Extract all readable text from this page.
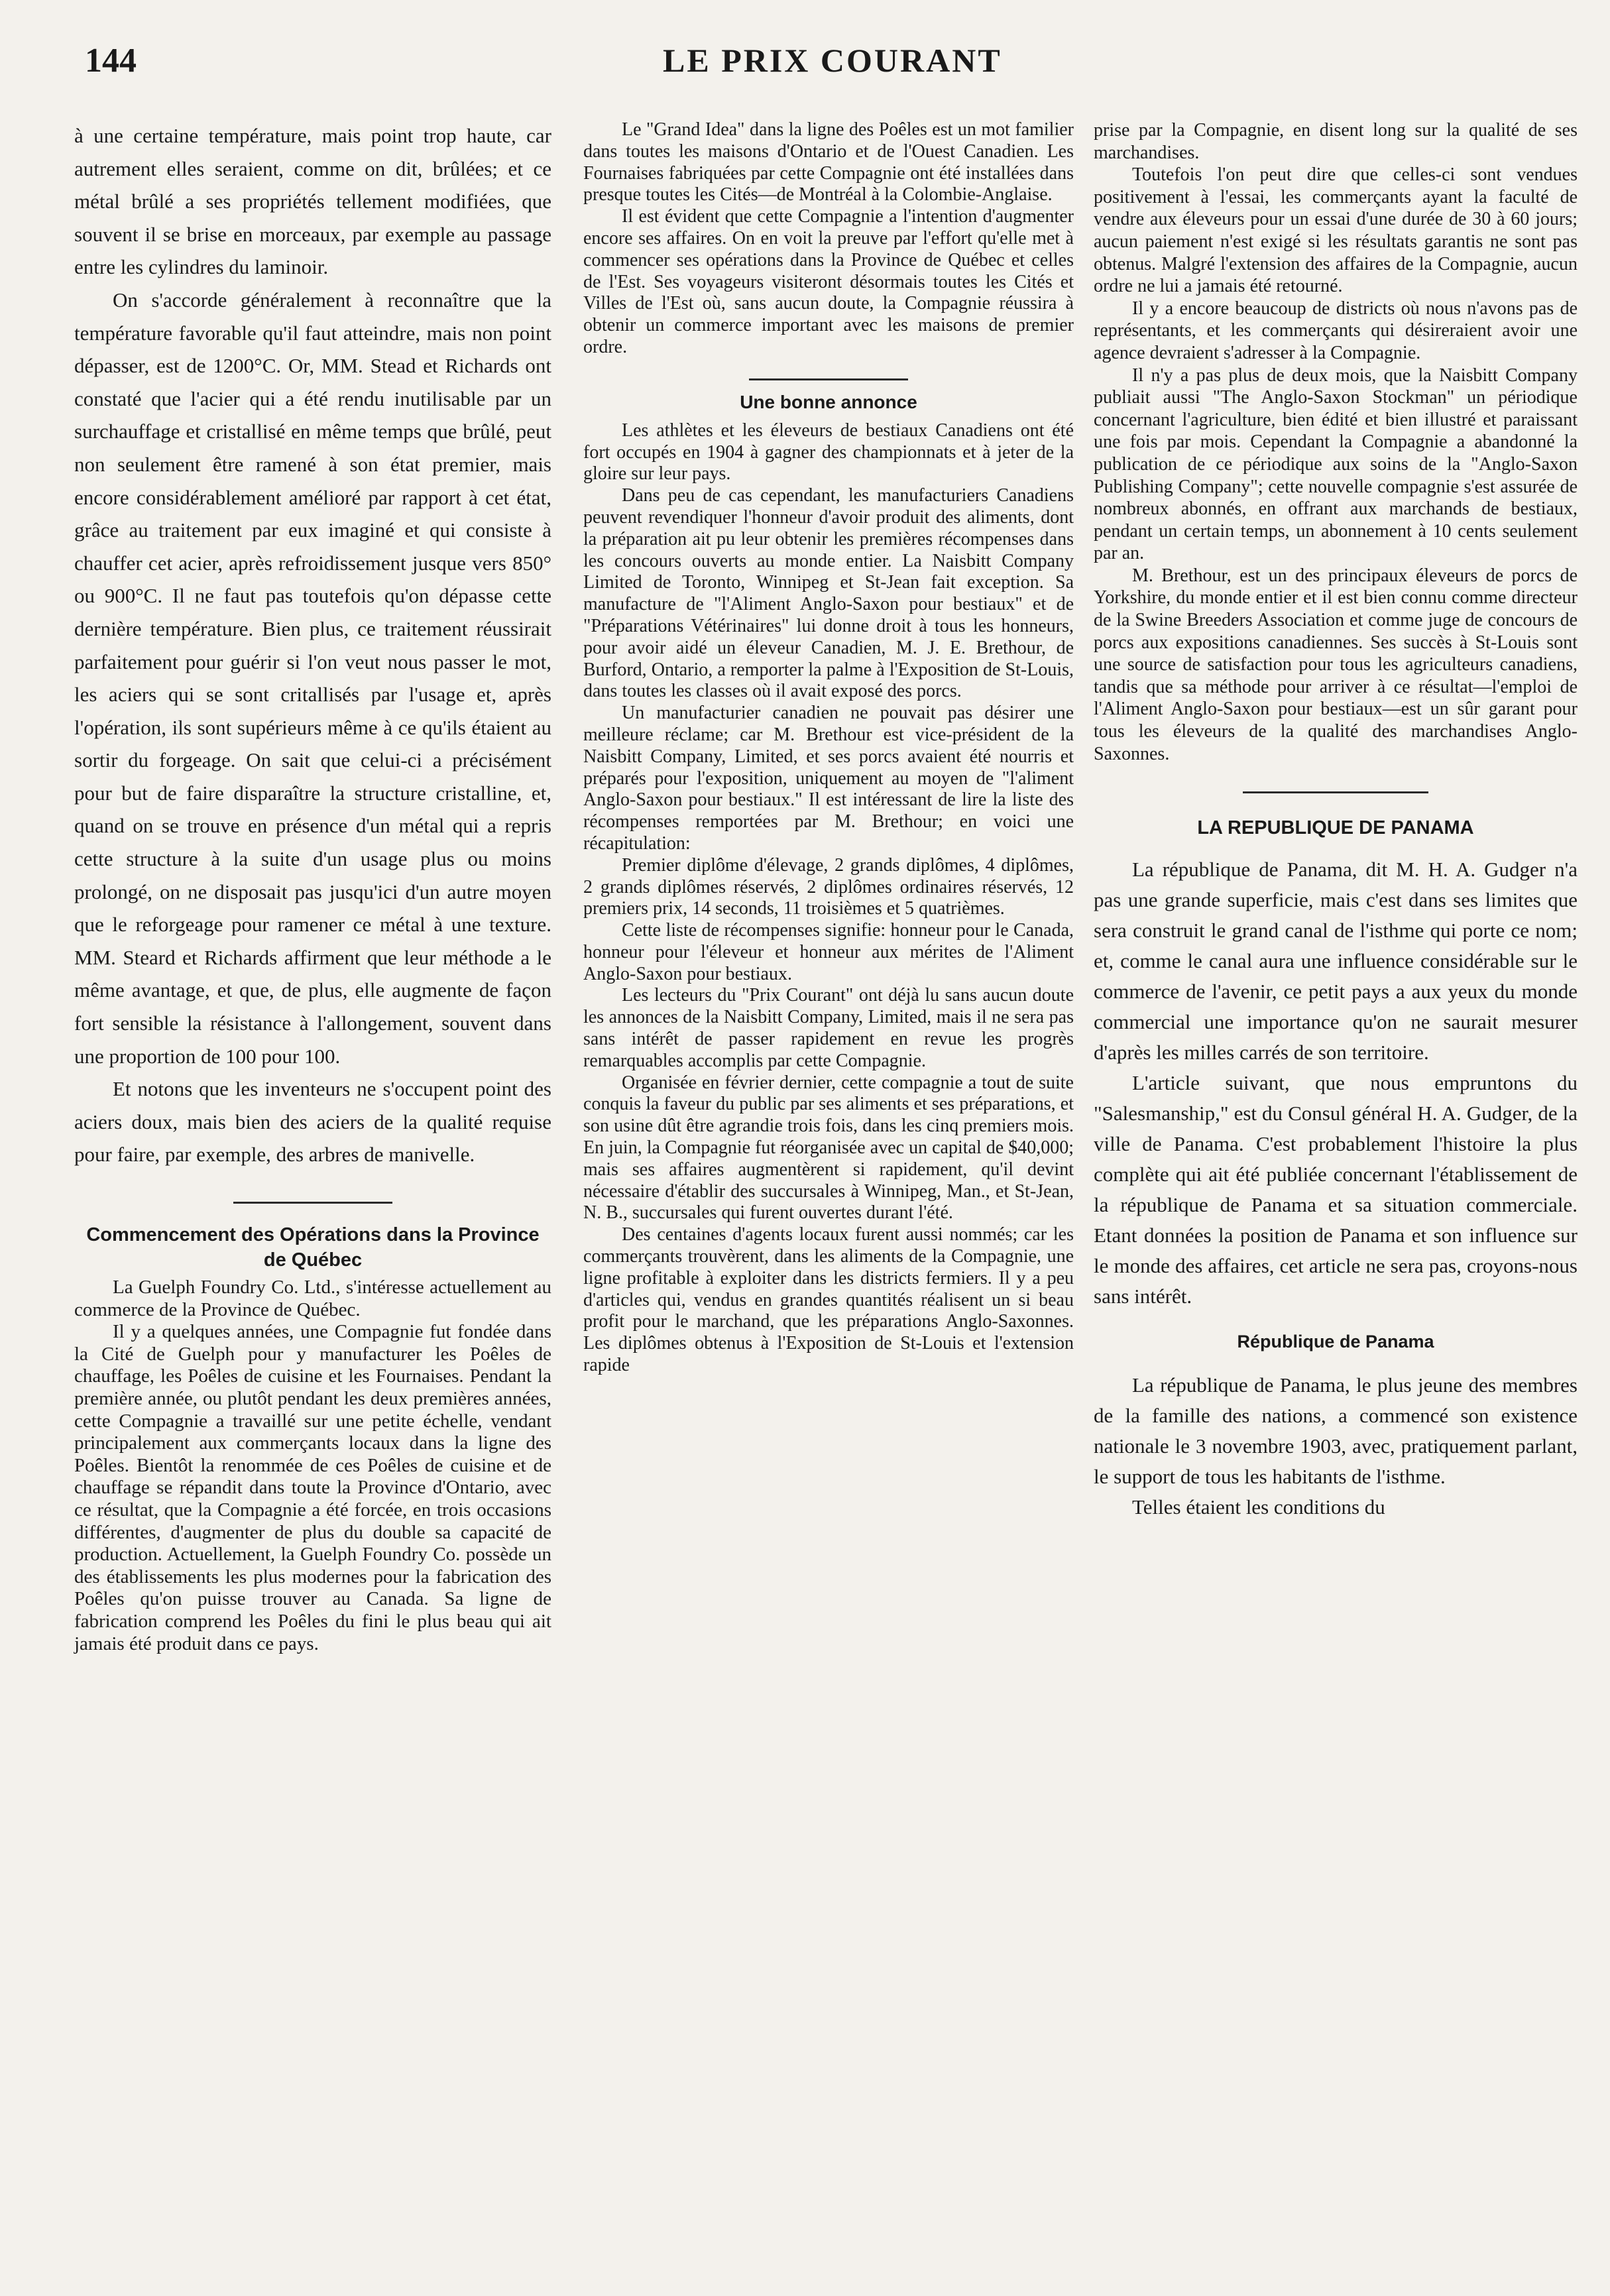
144	LE PRIX COURANT

à une certaine température, mais point trop haute, car autrement elles seraient, comme on dit, brûlées; et ce métal brûlé a ses propriétés tellement modifiées, que souvent il se brise en morceaux, par exemple au passage entre les cylindres du laminoir.

On s'accorde généralement à reconnaître que la température favorable qu'il faut atteindre, mais non point dépasser, est de 1200°C. Or, MM. Stead et Richards ont constaté que l'acier qui a été rendu inutilisable par un surchauffage et cristallisé en même temps que brûlé, peut non seulement être ramené à son état premier, mais encore considérablement amélioré par rapport à cet état, grâce au traitement par eux imaginé et qui consiste à chauffer cet acier, après refroidissement jusque vers 850° ou 900°C. Il ne faut pas toutefois qu'on dépasse cette dernière température. Bien plus, ce traitement réussirait parfaitement pour guérir si l'on veut nous passer le mot, les aciers qui se sont critallisés par l'usage et, après l'opération, ils sont supérieurs même à ce qu'ils étaient au sortir du forgeage. On sait que celui-ci a précisément pour but de faire disparaître la structure cristalline, et, quand on se trouve en présence d'un métal qui a repris cette structure à la suite d'un usage plus ou moins prolongé, on ne disposait pas jusqu'ici d'un autre moyen que le reforgeage pour ramener ce métal à une texture. MM. Steard et Richards affirment que leur méthode a le même avantage, et que, de plus, elle augmente de façon fort sensible la résistance à l'allongement, souvent dans une proportion de 100 pour 100.

Et notons que les inventeurs ne s'occupent point des aciers doux, mais bien des aciers de la qualité requise pour faire, par exemple, des arbres de manivelle.

Commencement des Opérations dans la Province de Québec

La Guelph Foundry Co. Ltd., s'intéresse actuellement au commerce de la Province de Québec.

Il y a quelques années, une Compagnie fut fondée dans la Cité de Guelph pour y manufacturer les Poêles de chauffage, les Poêles de cuisine et les Fournaises. Pendant la première année, ou plutôt pendant les deux premières années, cette Compagnie a travaillé sur une petite échelle, vendant principalement aux commerçants locaux dans la ligne des Poêles. Bientôt la renommée de ces Poêles de cuisine et de chauffage se répandit dans toute la Province d'Ontario, avec ce résultat, que la Compagnie a été forcée, en trois occasions différentes, d'augmenter de plus du double sa capacité de production. Actuellement, la Guelph Foundry Co. possède un des établissements les plus modernes pour la fabrication des Poêles qu'on puisse trouver au Canada. Sa ligne de fabrication comprend les Poêles du fini le plus beau qui ait jamais été produit dans ce pays.

Le "Grand Idea" dans la ligne des Poêles est un mot familier dans toutes les maisons d'Ontario et de l'Ouest Canadien. Les Fournaises fabriquées par cette Compagnie ont été installées dans presque toutes les Cités—de Montréal à la Colombie-Anglaise.

Il est évident que cette Compagnie a l'intention d'augmenter encore ses affaires. On en voit la preuve par l'effort qu'elle met à commencer ses opérations dans la Province de Québec et celles de l'Est. Ses voyageurs visiteront désormais toutes les Cités et Villes de l'Est où, sans aucun doute, la Compagnie réussira à obtenir un commerce important avec les maisons de premier ordre.

Une bonne annonce

Les athlètes et les éleveurs de bestiaux Canadiens ont été fort occupés en 1904 à gagner des championnats et à jeter de la gloire sur leur pays.

Dans peu de cas cependant, les manufacturiers Canadiens peuvent revendiquer l'honneur d'avoir produit des aliments, dont la préparation ait pu leur obtenir les premières récompenses dans les concours ouverts au monde entier. La Naisbitt Company Limited de Toronto, Winnipeg et St-Jean fait exception. Sa manufacture de "l'Aliment Anglo-Saxon pour bestiaux" et de "Préparations Vétérinaires" lui donne droit à tous les honneurs, pour avoir aidé un éleveur Canadien, M. J. E. Brethour, de Burford, Ontario, a remporter la palme à l'Exposition de St-Louis, dans toutes les classes où il avait exposé des porcs.

Un manufacturier canadien ne pouvait pas désirer une meilleure réclame; car M. Brethour est vice-président de la Naisbitt Company, Limited, et ses porcs avaient été nourris et préparés pour l'exposition, uniquement au moyen de "l'aliment Anglo-Saxon pour bestiaux." Il est intéressant de lire la liste des récompenses remportées par M. Brethour; en voici une récapitulation:

Premier diplôme d'élevage, 2 grands diplômes, 4 diplômes, 2 grands diplômes réservés, 2 diplômes ordinaires réservés, 12 premiers prix, 14 seconds, 11 troisièmes et 5 quatrièmes.

Cette liste de récompenses signifie: honneur pour le Canada, honneur pour l'éleveur et honneur aux mérites de l'Aliment Anglo-Saxon pour bestiaux.

Les lecteurs du "Prix Courant" ont déjà lu sans aucun doute les annonces de la Naisbitt Company, Limited, mais il ne sera pas sans intérêt de passer rapidement en revue les progrès remarquables accomplis par cette Compagnie.

Organisée en février dernier, cette compagnie a tout de suite conquis la faveur du public par ses aliments et ses préparations, et son usine dût être agrandie trois fois, dans les cinq premiers mois. En juin, la Compagnie fut réorganisée avec un capital de $40,000; mais ses affaires augmentèrent si rapidement, qu'il devint nécessaire d'établir des succursales à Winnipeg, Man., et St-Jean, N. B., succursales qui furent ouvertes durant l'été.

Des centaines d'agents locaux furent aussi nommés; car les commerçants trouvèrent, dans les aliments de la Compagnie, une ligne profitable à exploiter dans les districts fermiers. Il y a peu d'articles qui, vendus en grandes quantités réalisent un si beau profit pour le marchand, que les préparations Anglo-Saxonnes. Les diplômes obtenus à l'Exposition de St-Louis et l'extension rapide

prise par la Compagnie, en disent long sur la qualité de ses marchandises.

Toutefois l'on peut dire que celles-ci sont vendues positivement à l'essai, les commerçants ayant la faculté de vendre aux éleveurs pour un essai d'une durée de 30 à 60 jours; aucun paiement n'est exigé si les résultats garantis ne sont pas obtenus. Malgré l'extension des affaires de la Compagnie, aucun ordre ne lui a jamais été retourné.

Il y a encore beaucoup de districts où nous n'avons pas de représentants, et les commerçants qui désireraient avoir une agence devraient s'adresser à la Compagnie.

Il n'y a pas plus de deux mois, que la Naisbitt Company publiait aussi "The Anglo-Saxon Stockman" un périodique concernant l'agriculture, bien édité et bien illustré et paraissant une fois par mois. Cependant la Compagnie a abandonné la publication de ce périodique aux soins de la "Anglo-Saxon Publishing Company"; cette nouvelle compagnie s'est assurée de nombreux abonnés, en offrant aux marchands de bestiaux, pendant un certain temps, un abonnement à 10 cents seulement par an.

M. Brethour, est un des principaux éleveurs de porcs de Yorkshire, du monde entier et il est bien connu comme directeur de la Swine Breeders Association et comme juge de concours de porcs aux expositions canadiennes. Ses succès à St-Louis sont une source de satisfaction pour tous les agriculteurs canadiens, tandis que sa méthode pour arriver à ce résultat—l'emploi de l'Aliment Anglo-Saxon pour bestiaux—est un sûr garant pour tous les éleveurs de la qualité des marchandises Anglo-Saxonnes.

LA REPUBLIQUE DE PANAMA

La république de Panama, dit M. H. A. Gudger n'a pas une grande superficie, mais c'est dans ses limites que sera construit le grand canal de l'isthme qui porte ce nom; et, comme le canal aura une influence considérable sur le commerce de l'avenir, ce petit pays a aux yeux du monde commercial une importance qu'on ne saurait mesurer d'après les milles carrés de son territoire.

L'article suivant, que nous empruntons du "Salesmanship," est du Consul général H. A. Gudger, de la ville de Panama. C'est probablement l'histoire la plus complète qui ait été publiée concernant l'établissement de la république de Panama et sa situation commerciale. Etant données la position de Panama et son influence sur le monde des affaires, cet article ne sera pas, croyons-nous sans intérêt.

République de Panama

La république de Panama, le plus jeune des membres de la famille des nations, a commencé son existence nationale le 3 novembre 1903, avec, pratiquement parlant, le support de tous les habitants de l'isthme.

Telles étaient les conditions du
